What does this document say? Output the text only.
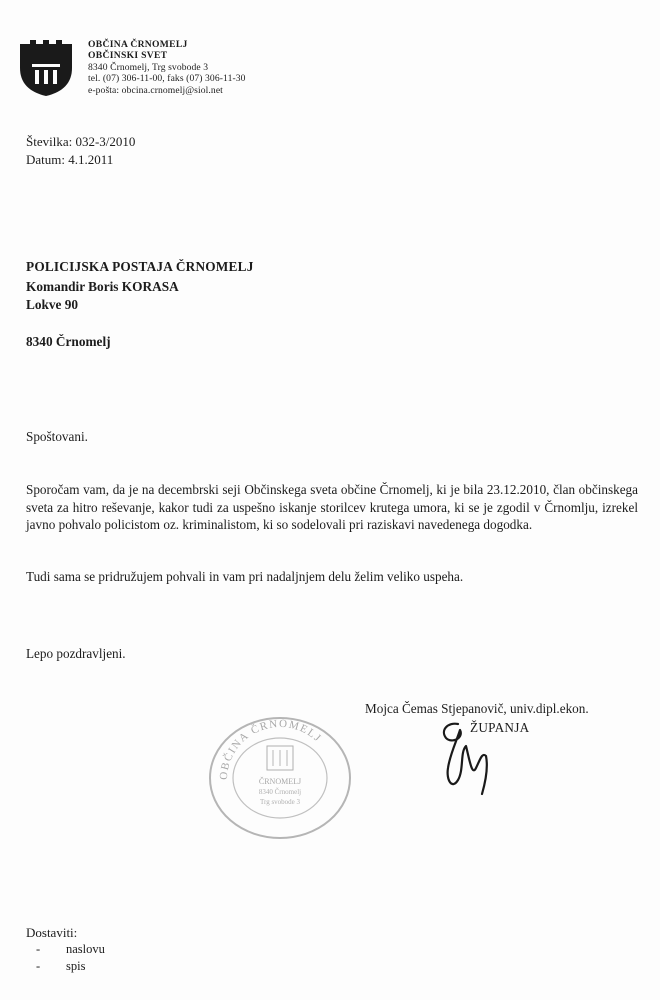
OBČINA ČRNOMELJ
OBČINSKI SVET
8340 Črnomelj, Trg svobode 3
tel. (07) 306-11-00, faks (07) 306-11-30
e-pošta: obcina.crnomelj@siol.net
Številka: 032-3/2010
Datum: 4.1.2011
POLICIJSKA POSTAJA ČRNOMELJ
Komandir Boris KORASA
Lokve 90
8340 Črnomelj
Spoštovani.
Sporočam vam, da je na decembrski seji Občinskega sveta občine Črnomelj, ki je bila 23.12.2010, član občinskega sveta za hitro reševanje, kakor tudi za uspešno iskanje storilcev krutega umora, ki se je zgodil v Črnomlju, izrekel javno pohvalo policistom oz. kriminalistom, ki so sodelovali pri raziskavi navedenega dogodka.
Tudi sama se pridružujem pohvali in vam pri nadaljnjem delu želim veliko uspeha.
Lepo pozdravljeni.
OBČINA ČRNOMELJ
ČRNOMELJ
8340 Črnomelj
Trg svobode 3
Mojca Čemas Stjepanovič, univ.dipl.ekon.
ŽUPANJA
Dostaviti:
- naslovu
- spis
